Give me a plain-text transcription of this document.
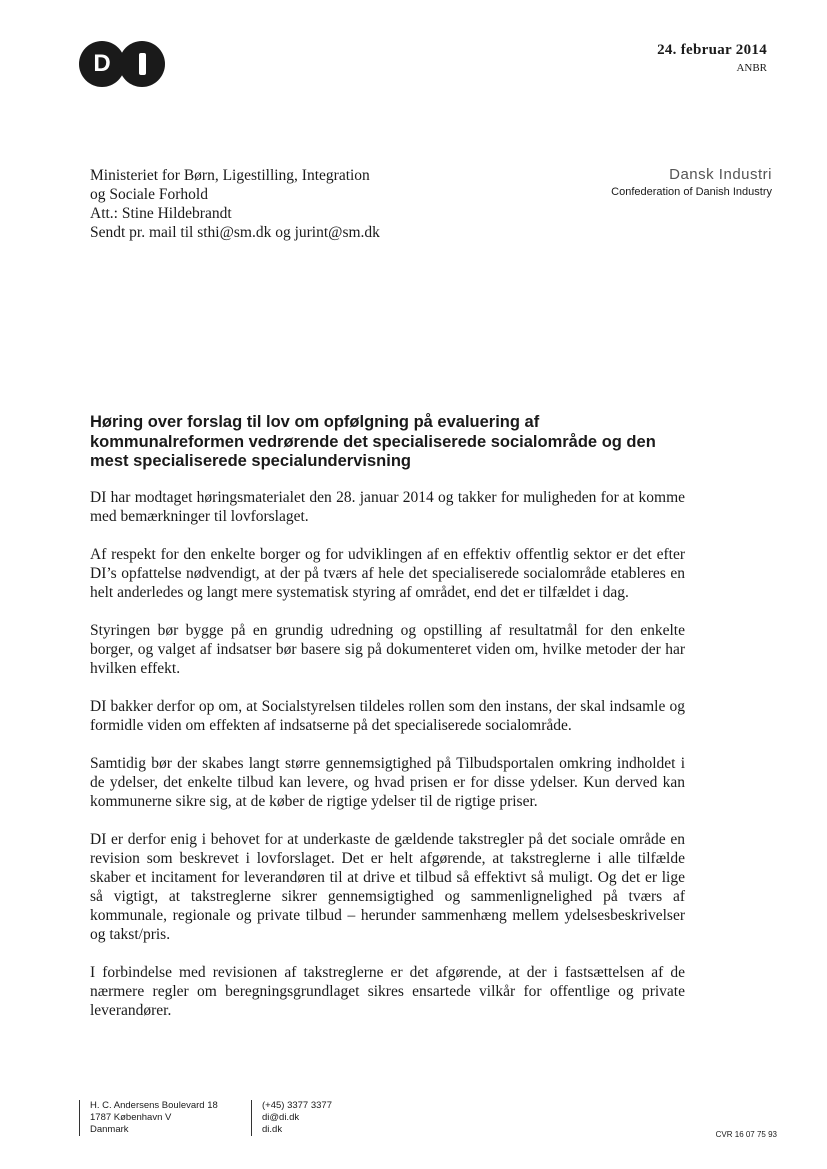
D	24. februar 2014
ANBR
Ministeriet for Børn, Ligestilling, Integration
og Sociale Forhold
Att.: Stine Hildebrandt
Sendt pr. mail til sthi@sm.dk og jurint@sm.dk
Dansk Industri
Confederation of Danish Industry
Høring over forslag til lov om opfølgning på evaluering af
kommunalreformen vedrørende det specialiserede socialområde og den
mest specialiserede specialundervisning

DI har modtaget høringsmaterialet den 28. januar 2014 og takker for muligheden for at komme med bemærkninger til lovforslaget.

Af respekt for den enkelte borger og for udviklingen af en effektiv offentlig sektor er det efter DI’s opfattelse nødvendigt, at der på tværs af hele det specialiserede socialområde etableres en helt anderledes og langt mere systematisk styring af området, end det er tilfældet i dag.

Styringen bør bygge på en grundig udredning og opstilling af resultatmål for den enkelte borger, og valget af indsatser bør basere sig på dokumenteret viden om, hvilke metoder der har hvilken effekt.

DI bakker derfor op om, at Socialstyrelsen tildeles rollen som den instans, der skal indsamle og formidle viden om effekten af indsatserne på det specialiserede socialområde.

Samtidig bør der skabes langt større gennemsigtighed på Tilbudsportalen omkring indholdet i de ydelser, det enkelte tilbud kan levere, og hvad prisen er for disse ydelser. Kun derved kan kommunerne sikre sig, at de køber de rigtige ydelser til de rigtige priser.

DI er derfor enig i behovet for at underkaste de gældende takstregler på det sociale område en revision som beskrevet i lovforslaget. Det er helt afgørende, at takstreglerne i alle tilfælde skaber et incitament for leverandøren til at drive et tilbud så effektivt så muligt. Og det er lige så vigtigt, at takstreglerne sikrer gennemsigtighed og sammenlignelighed på tværs af kommunale, regionale og private tilbud – herunder sammenhæng mellem ydelsesbeskrivelser og takst/pris.

I forbindelse med revisionen af takstreglerne er det afgørende, at der i fastsættelsen af de nærmere regler om beregningsgrundlaget sikres ensartede vilkår for offentlige og private leverandører.

H. C. Andersens Boulevard 18
1787 København V
Danmark
(+45) 3377 3377
di@di.dk
di.dk	CVR 16 07 75 93
